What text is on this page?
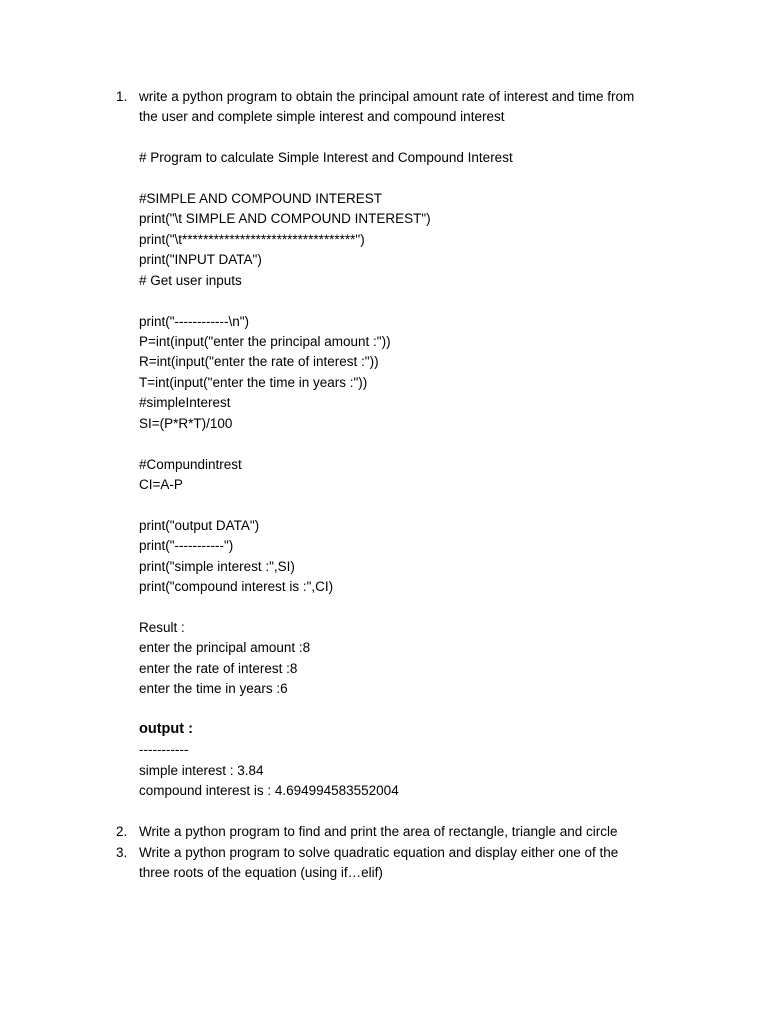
1. write a python program to obtain the principal amount rate of interest and time from
the user and complete simple interest and compound interest
# Program to calculate Simple Interest and Compound Interest
#SIMPLE AND COMPOUND INTEREST
print("\t SIMPLE AND COMPOUND INTEREST")
print("\t*********************************")
print("INPUT DATA")
# Get user inputs
print("------------\n")
P=int(input("enter the principal amount :"))
R=int(input("enter the rate of interest :"))
T=int(input("enter the time in years :"))
#simpleInterest
SI=(P*R*T)/100
#Compundintrest
CI=A-P
print("output DATA")
print("-----------")
print("simple interest :",SI)
print("compound interest is :",CI)
Result :
enter the principal amount :8
enter the rate of interest :8
enter the time in years :6
output :
-----------
simple interest : 3.84
compound interest is : 4.694994583552004
2. Write a python program to find and print the area of rectangle, triangle and circle
3. Write a python program to solve quadratic equation and display either one of the
three roots of the equation (using if…elif)
